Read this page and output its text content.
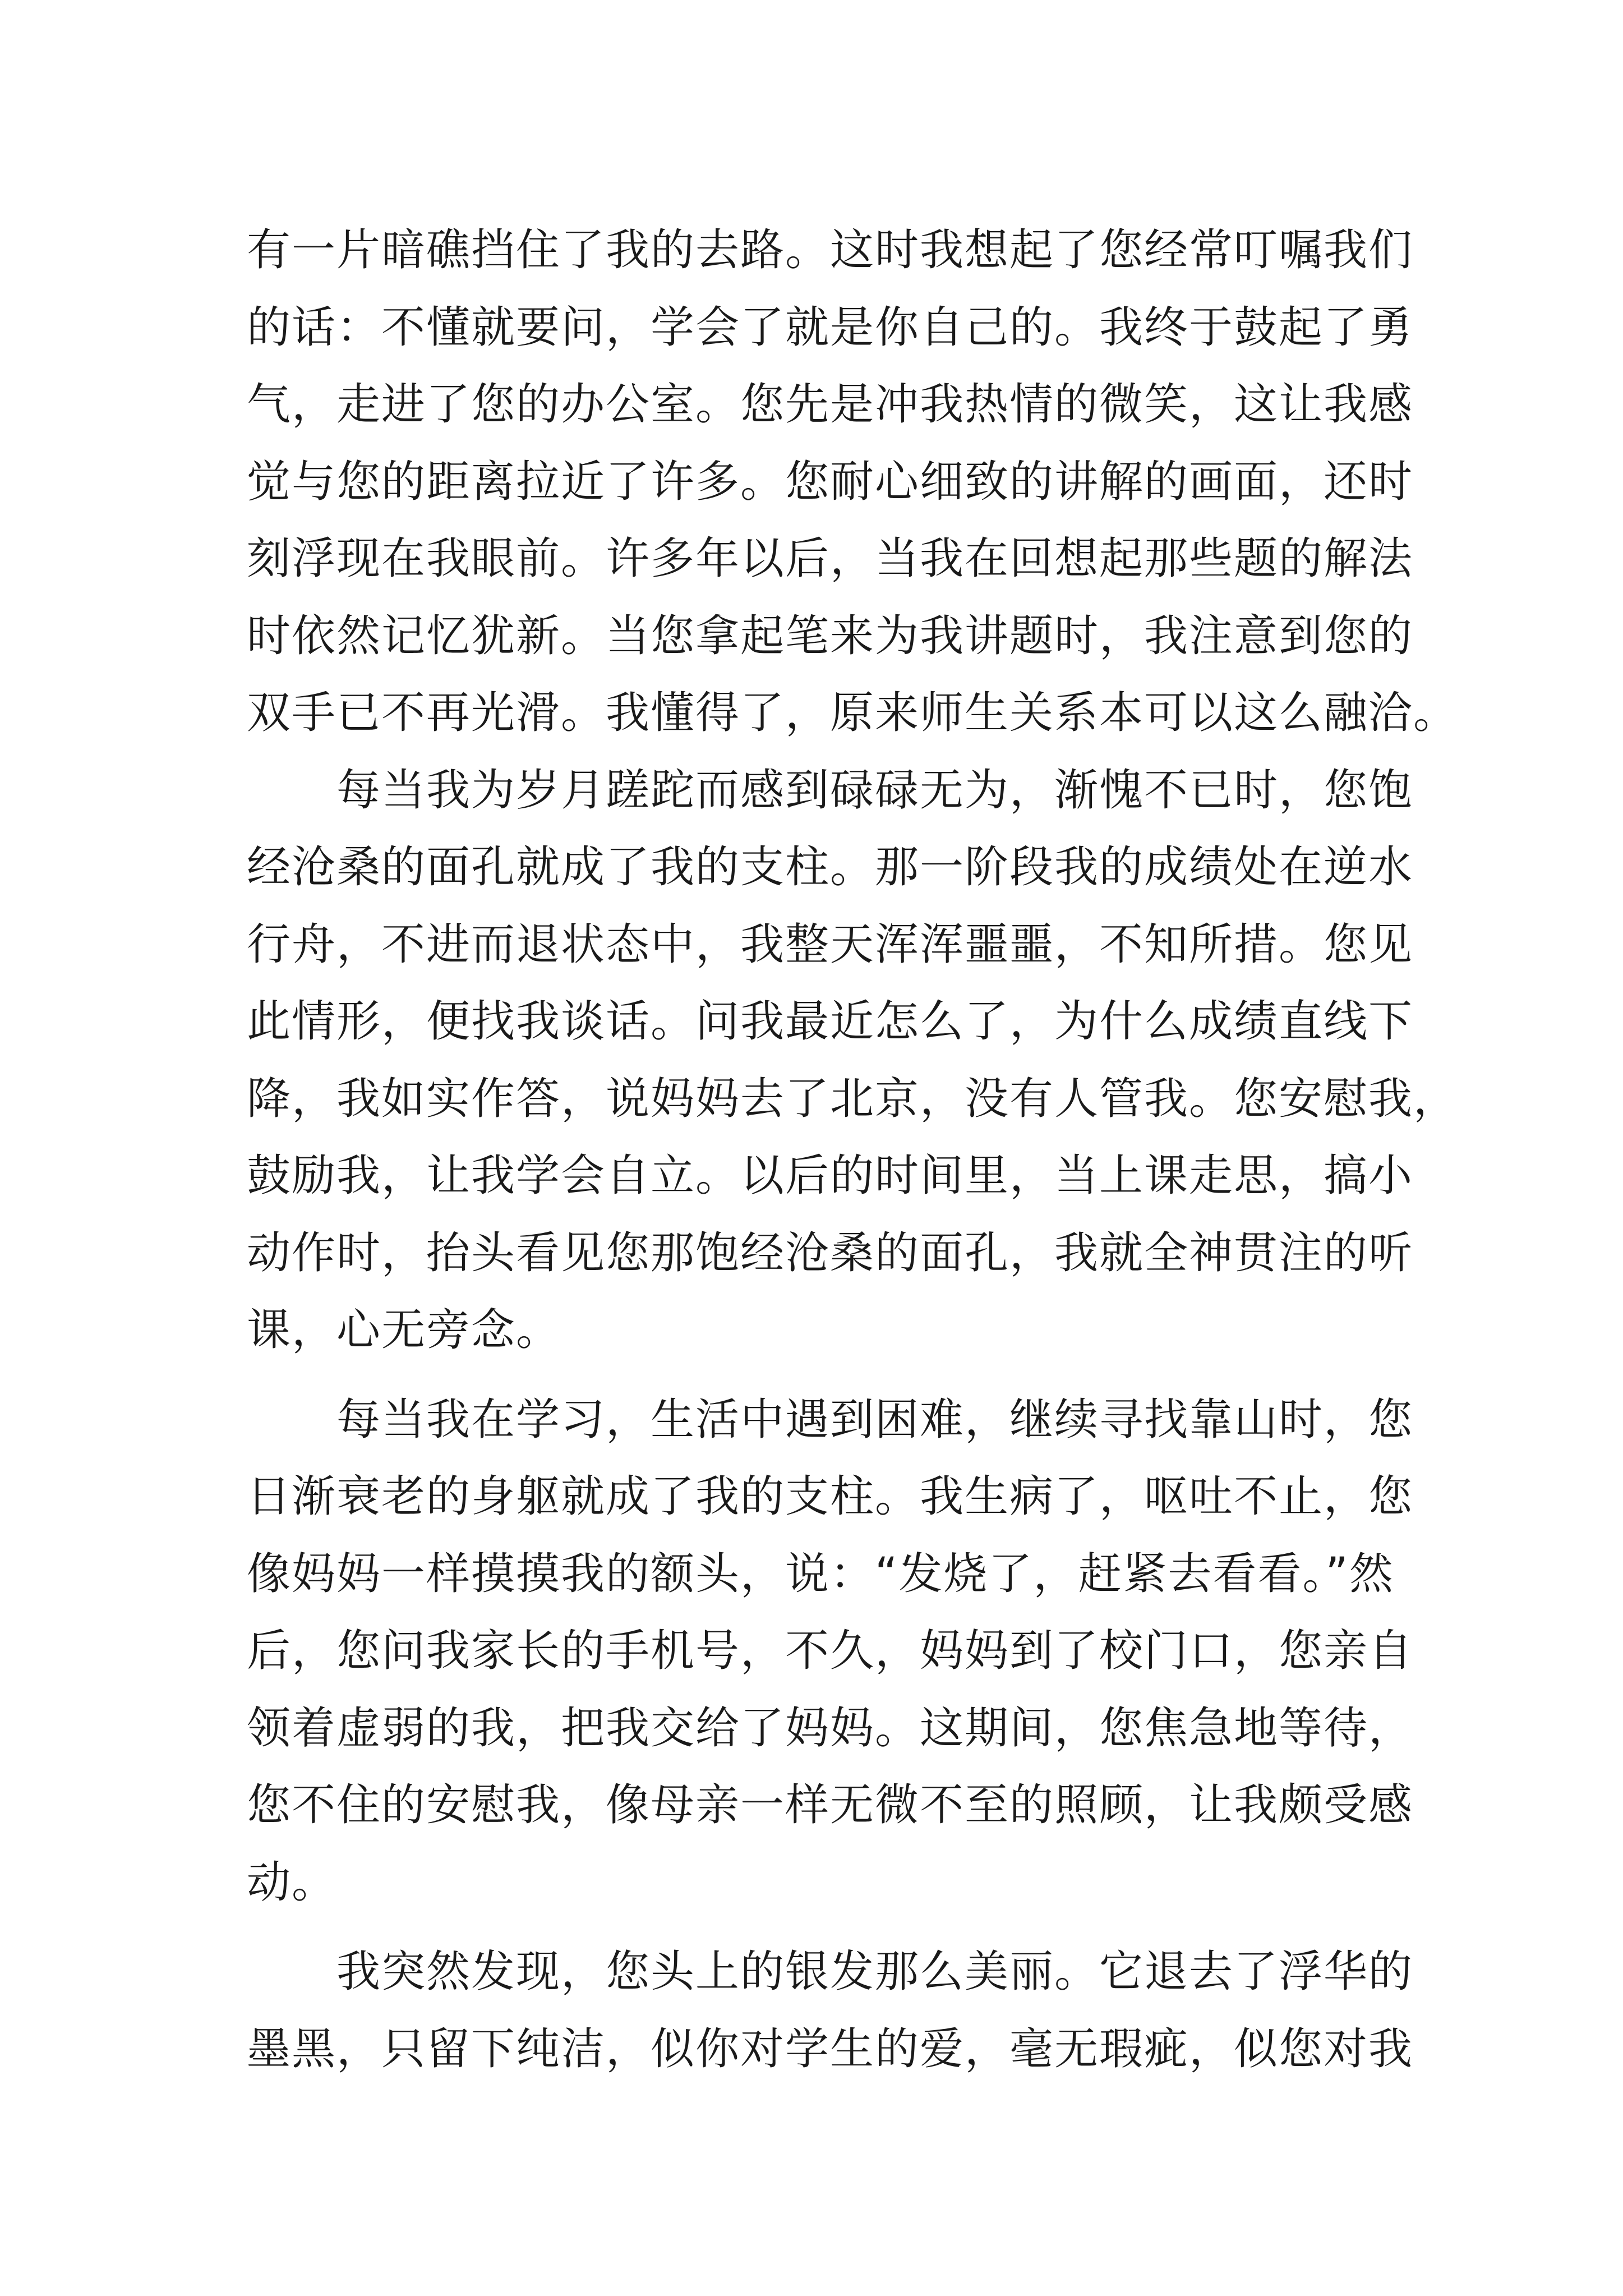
有一片暗礁挡住了我的去路。这时我想起了您经常叮嘱我们
的话：不懂就要问，学会了就是你自己的。我终于鼓起了勇
气，走进了您的办公室。您先是冲我热情的微笑，这让我感
觉与您的距离拉近了许多。您耐心细致的讲解的画面，还时
刻浮现在我眼前。许多年以后，当我在回想起那些题的解法
时依然记忆犹新。当您拿起笔来为我讲题时，我注意到您的
双手已不再光滑。我懂得了，原来师生关系本可以这么融洽。
　　每当我为岁月蹉跎而感到碌碌无为，渐愧不已时，您饱
经沧桑的面孔就成了我的支柱。那一阶段我的成绩处在逆水
行舟，不进而退状态中，我整天浑浑噩噩，不知所措。您见
此情形，便找我谈话。问我最近怎么了，为什么成绩直线下
降，我如实作答，说妈妈去了北京，没有人管我。您安慰我，
鼓励我，让我学会自立。以后的时间里，当上课走思，搞小
动作时，抬头看见您那饱经沧桑的面孔，我就全神贯注的听
课，心无旁念。
　　每当我在学习，生活中遇到困难，继续寻找靠山时，您
日渐衰老的身躯就成了我的支柱。我生病了，呕吐不止，您
像妈妈一样摸摸我的额头，说：“发烧了，赶紧去看看。”然
后，您问我家长的手机号，不久，妈妈到了校门口，您亲自
领着虚弱的我，把我交给了妈妈。这期间，您焦急地等待，
您不住的安慰我，像母亲一样无微不至的照顾，让我颇受感
动。
　　我突然发现，您头上的银发那么美丽。它退去了浮华的
墨黑，只留下纯洁，似你对学生的爱，毫无瑕疵，似您对我
